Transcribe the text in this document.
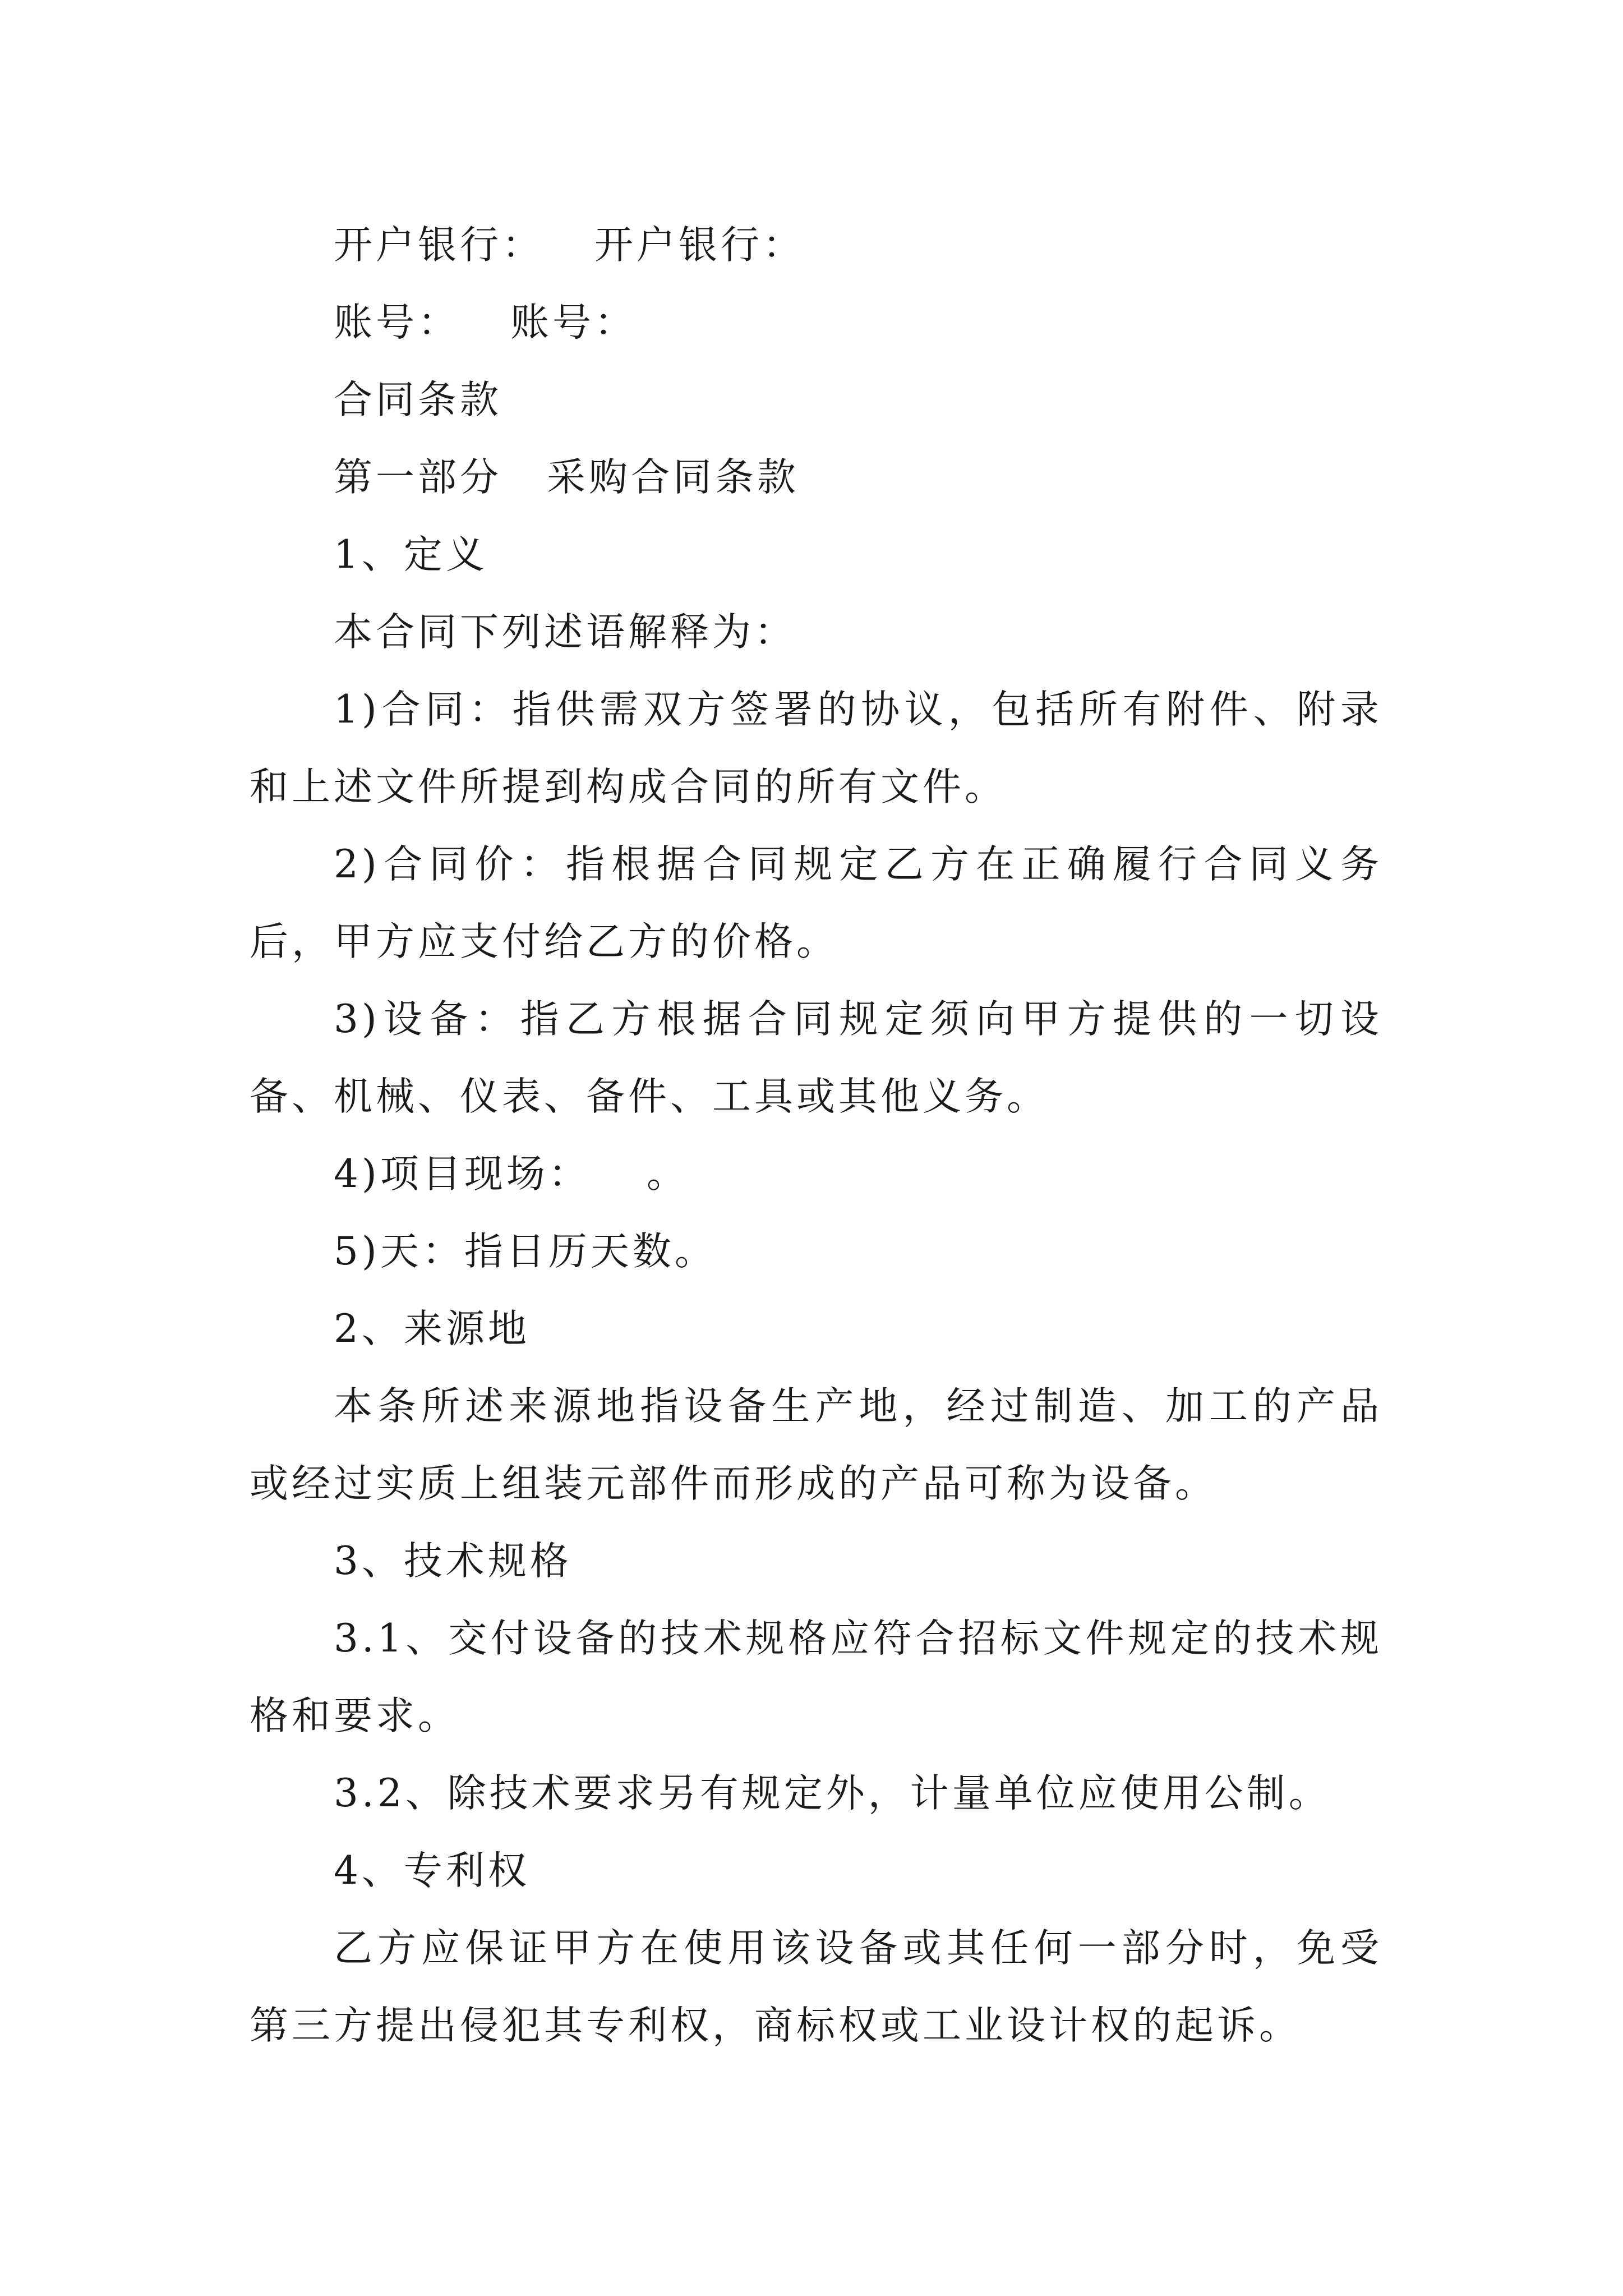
开户银行： 开户银行：

账号： 账号：

合同条款

第一部分 采购合同条款

1、定义

本合同下列述语解释为：

1)合同：指供需双方签署的协议，包括所有附件、附录和上述文件所提到构成合同的所有文件。

2)合同价：指根据合同规定乙方在正确履行合同义务后，甲方应支付给乙方的价格。

3)设备：指乙方根据合同规定须向甲方提供的一切设备、机械、仪表、备件、工具或其他义务。

4)项目现场： 。

5)天：指日历天数。

2、来源地

本条所述来源地指设备生产地，经过制造、加工的产品或经过实质上组装元部件而形成的产品可称为设备。

3、技术规格

3.1、交付设备的技术规格应符合招标文件规定的技术规格和要求。

3.2、除技术要求另有规定外，计量单位应使用公制。

4、专利权

乙方应保证甲方在使用该设备或其任何一部分时，免受第三方提出侵犯其专利权，商标权或工业设计权的起诉。
